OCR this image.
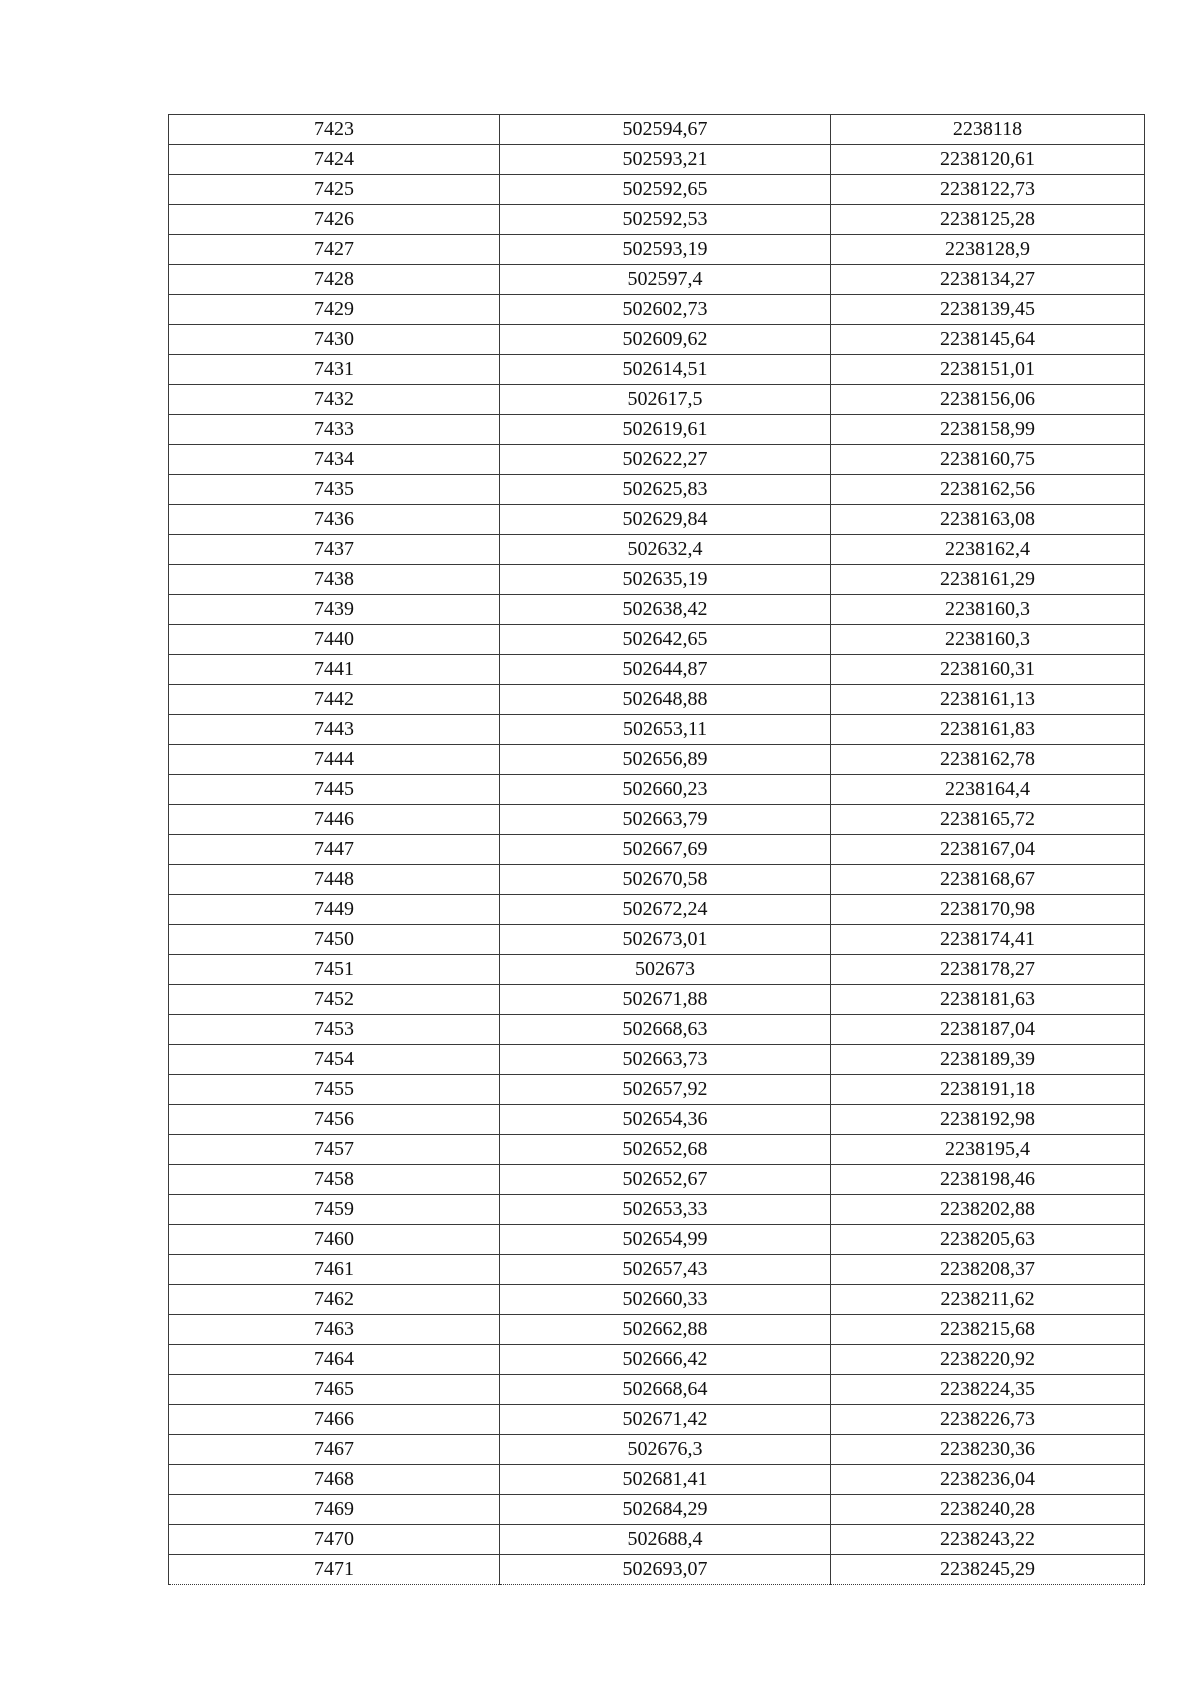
7423	502594,67	2238118
7424	502593,21	2238120,61
7425	502592,65	2238122,73
7426	502592,53	2238125,28
7427	502593,19	2238128,9
7428	502597,4	2238134,27
7429	502602,73	2238139,45
7430	502609,62	2238145,64
7431	502614,51	2238151,01
7432	502617,5	2238156,06
7433	502619,61	2238158,99
7434	502622,27	2238160,75
7435	502625,83	2238162,56
7436	502629,84	2238163,08
7437	502632,4	2238162,4
7438	502635,19	2238161,29
7439	502638,42	2238160,3
7440	502642,65	2238160,3
7441	502644,87	2238160,31
7442	502648,88	2238161,13
7443	502653,11	2238161,83
7444	502656,89	2238162,78
7445	502660,23	2238164,4
7446	502663,79	2238165,72
7447	502667,69	2238167,04
7448	502670,58	2238168,67
7449	502672,24	2238170,98
7450	502673,01	2238174,41
7451	502673	2238178,27
7452	502671,88	2238181,63
7453	502668,63	2238187,04
7454	502663,73	2238189,39
7455	502657,92	2238191,18
7456	502654,36	2238192,98
7457	502652,68	2238195,4
7458	502652,67	2238198,46
7459	502653,33	2238202,88
7460	502654,99	2238205,63
7461	502657,43	2238208,37
7462	502660,33	2238211,62
7463	502662,88	2238215,68
7464	502666,42	2238220,92
7465	502668,64	2238224,35
7466	502671,42	2238226,73
7467	502676,3	2238230,36
7468	502681,41	2238236,04
7469	502684,29	2238240,28
7470	502688,4	2238243,22
7471	502693,07	2238245,29
